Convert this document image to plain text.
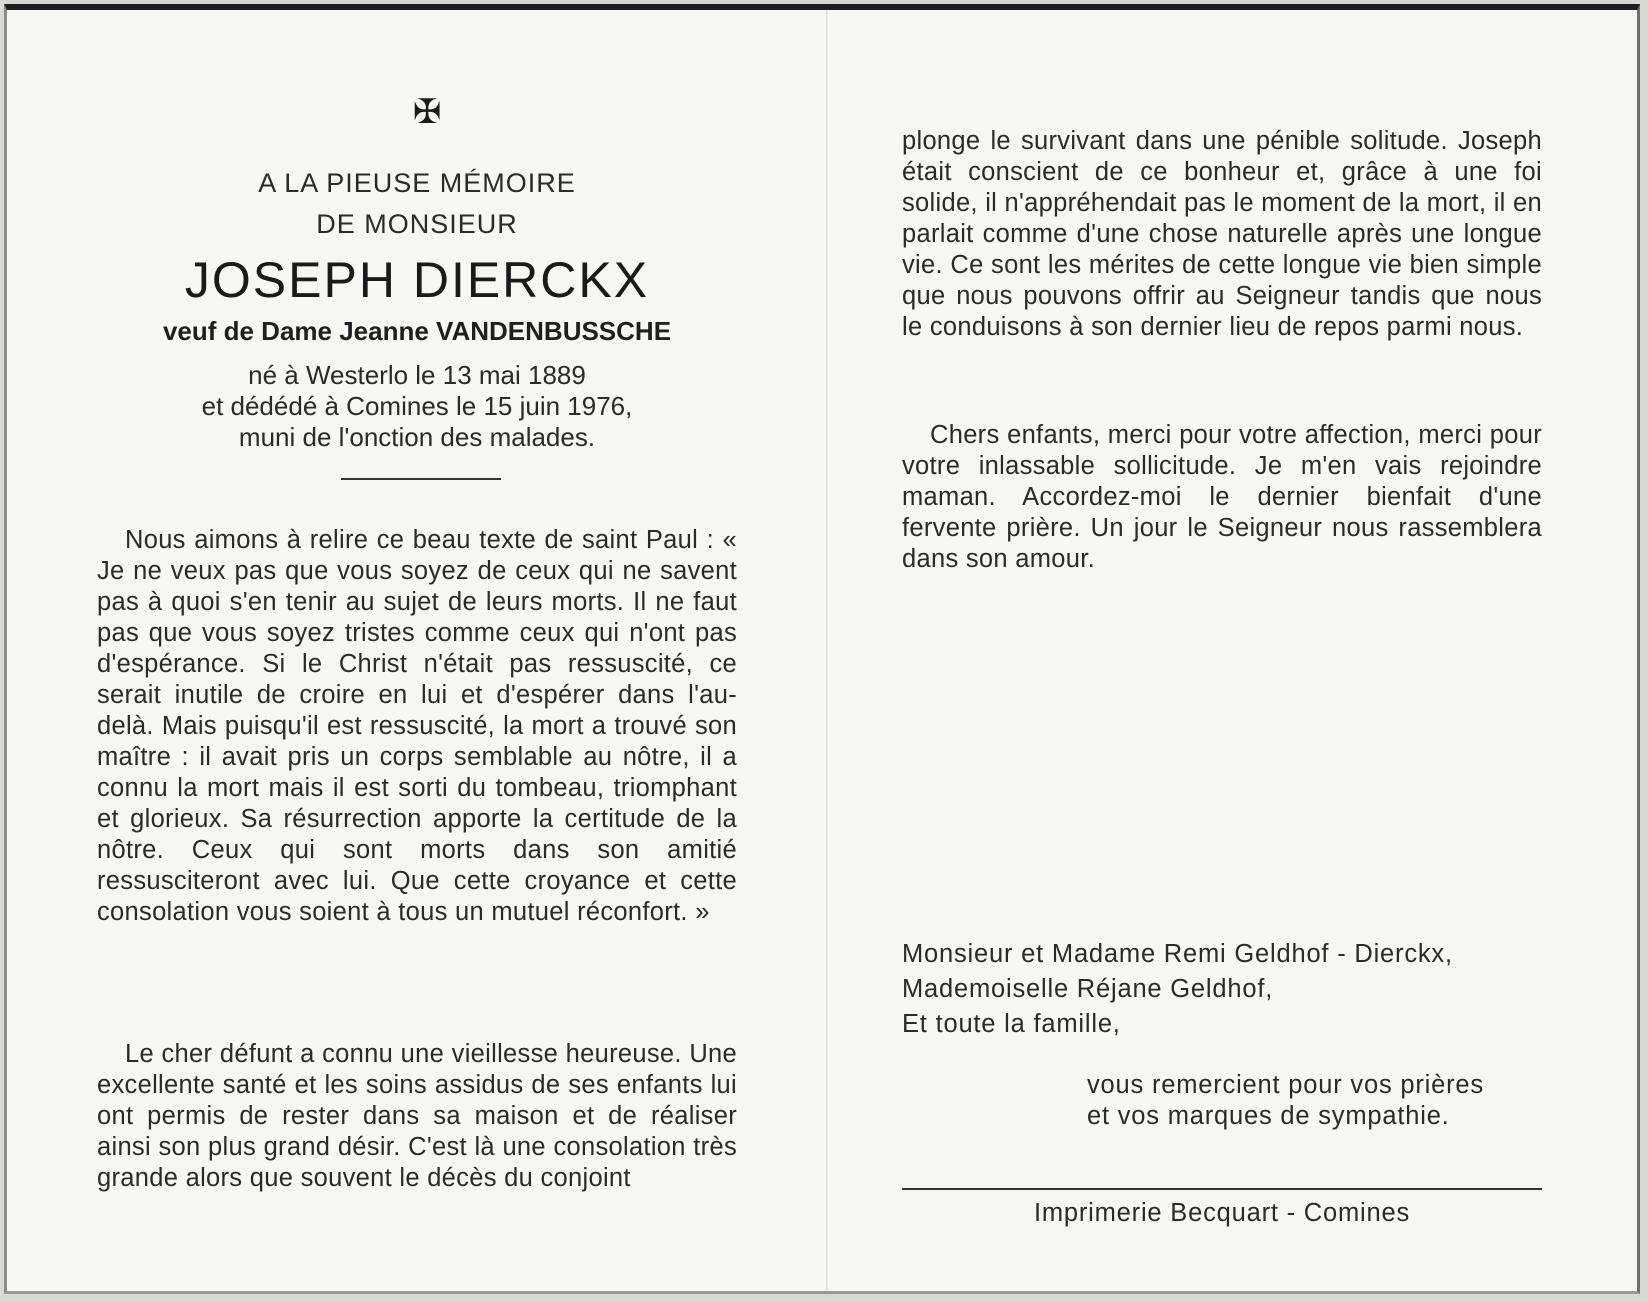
✠
A LA PIEUSE MÉMOIRE
DE MONSIEUR
JOSEPH DIERCKX
veuf de Dame Jeanne VANDENBUSSCHE
né à Westerlo le 13 mai 1889
et dédédé à Comines le 15 juin 1976,
muni de l'onction des malades.
Nous aimons à relire ce beau texte de saint Paul : « Je ne veux pas que vous soyez de ceux qui ne savent pas à quoi s'en tenir au sujet de leurs morts. Il ne faut pas que vous soyez tristes comme ceux qui n'ont pas d'espérance. Si le Christ n'était pas ressuscité, ce serait inutile de croire en lui et d'espérer dans l'au-delà. Mais puisqu'il est ressuscité, la mort a trouvé son maître : il avait pris un corps semblable au nôtre, il a connu la mort mais il est sorti du tombeau, triomphant et glorieux. Sa résurrection apporte la certitude de la nôtre. Ceux qui sont morts dans son amitié ressusciteront avec lui. Que cette croyance et cette consolation vous soient à tous un mutuel réconfort. »
Le cher défunt a connu une vieillesse heureuse. Une excellente santé et les soins assidus de ses enfants lui ont permis de rester dans sa maison et de réaliser ainsi son plus grand désir. C'est là une consolation très grande alors que souvent le décès du conjoint
plonge le survivant dans une pénible solitude. Joseph était conscient de ce bonheur et, grâce à une foi solide, il n'appréhendait pas le moment de la mort, il en parlait comme d'une chose naturelle après une longue vie. Ce sont les mérites de cette longue vie bien simple que nous pouvons offrir au Seigneur tandis que nous le conduisons à son dernier lieu de repos parmi nous.
Chers enfants, merci pour votre affection, merci pour votre inlassable sollicitude. Je m'en vais rejoindre maman. Accordez-moi le dernier bienfait d'une fervente prière. Un jour le Seigneur nous rassemblera dans son amour.
Monsieur et Madame Remi Geldhof - Dierckx,
Mademoiselle Réjane Geldhof,
Et toute la famille,
vous remercient pour vos prières
et vos marques de sympathie.
Imprimerie Becquart - Comines
